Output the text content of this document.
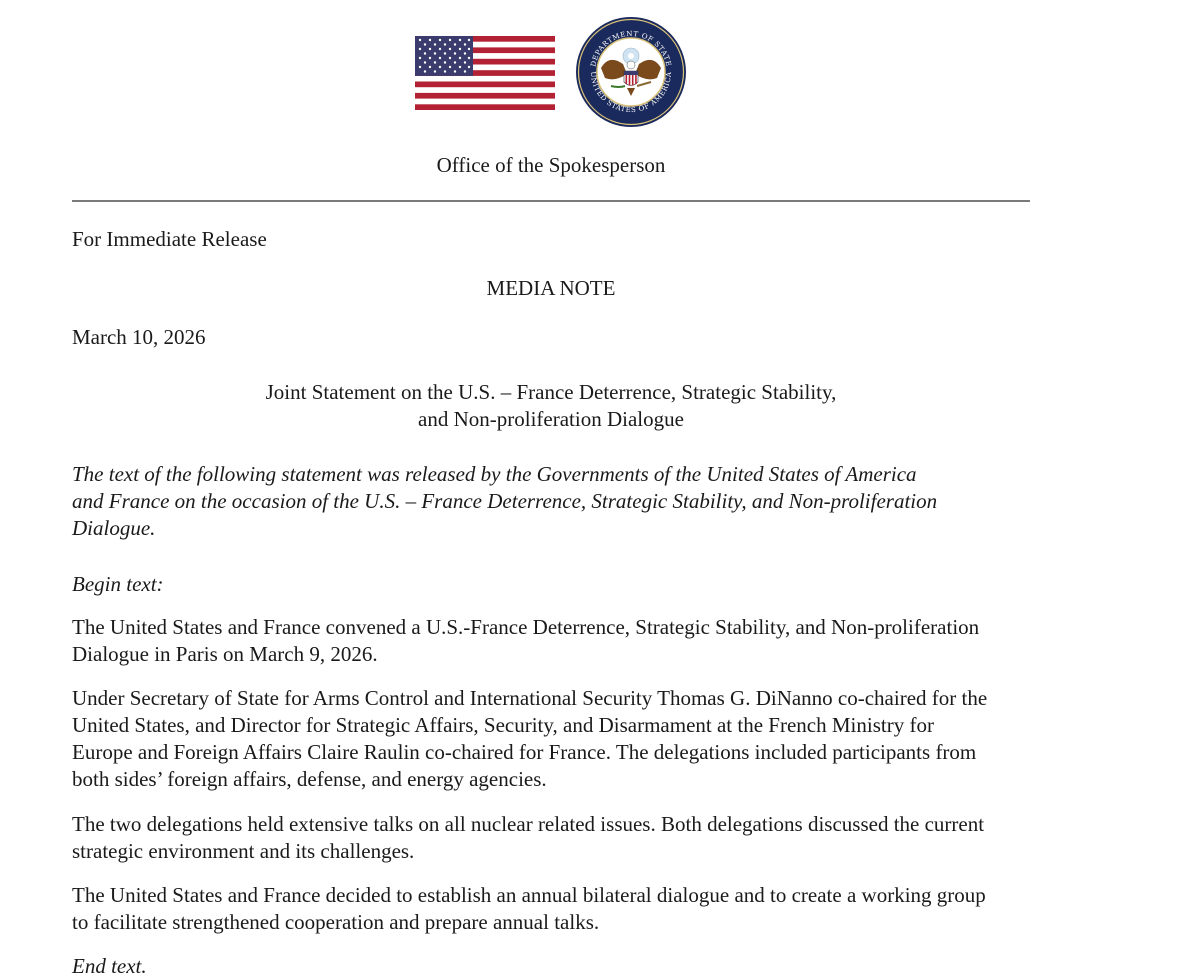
DEPARTMENT OF STATE
UNITED STATES OF AMERICA
Office of the Spokesperson
For Immediate Release
MEDIA NOTE
March 10, 2026
Joint Statement on the U.S. – France Deterrence, Strategic Stability,
and Non-proliferation Dialogue
The text of the following statement was released by the Governments of the United States of America
and France on the occasion of the U.S. – France Deterrence, Strategic Stability, and Non-proliferation
Dialogue.
Begin text:
The United States and France convened a U.S.-France Deterrence, Strategic Stability, and Non-proliferation
Dialogue in Paris on March 9, 2026.
Under Secretary of State for Arms Control and International Security Thomas G. DiNanno co-chaired for the
United States, and Director for Strategic Affairs, Security, and Disarmament at the French Ministry for
Europe and Foreign Affairs Claire Raulin co-chaired for France. The delegations included participants from
both sides’ foreign affairs, defense, and energy agencies.
The two delegations held extensive talks on all nuclear related issues. Both delegations discussed the current
strategic environment and its challenges.
The United States and France decided to establish an annual bilateral dialogue and to create a working group
to facilitate strengthened cooperation and prepare annual talks.
End text.
